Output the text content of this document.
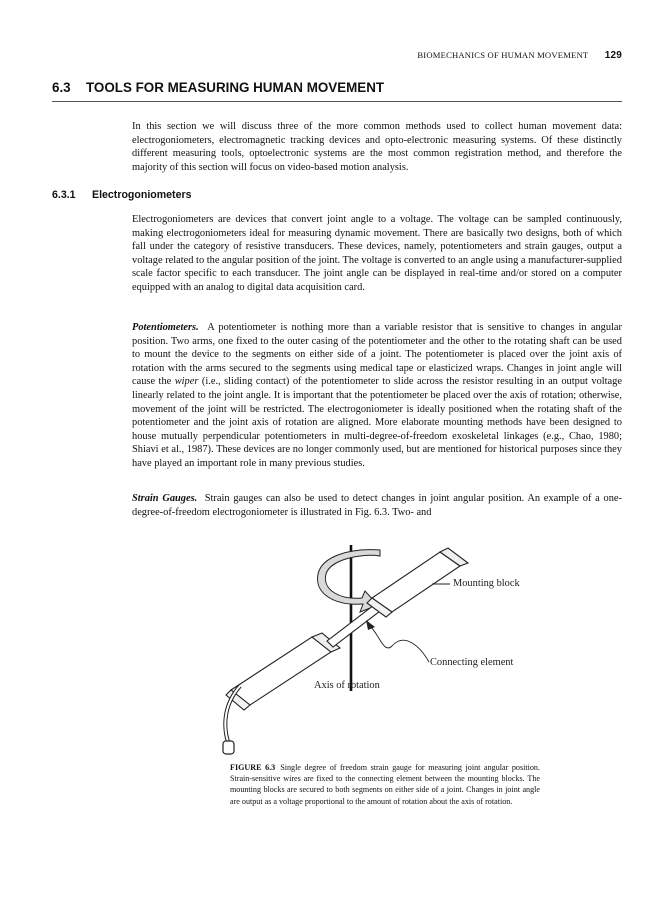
BIOMECHANICS OF HUMAN MOVEMENT 129
6.3 TOOLS FOR MEASURING HUMAN MOVEMENT

In this section we will discuss three of the more common methods used to collect human movement data: electrogoniometers, electromagnetic tracking devices and opto-electronic measuring systems. Of these distinctly different measuring tools, optoelectronic systems are the most common registration method, and therefore the majority of this section will focus on video-based motion analysis.

6.3.1 Electrogoniometers

Electrogoniometers are devices that convert joint angle to a voltage. The voltage can be sampled continuously, making electrogoniometers ideal for measuring dynamic movement. There are basically two designs, both of which fall under the category of resistive transducers. These devices, namely, potentiometers and strain gauges, output a voltage related to the angular position of the joint. The voltage is converted to an angle using a manufacturer-supplied scale factor specific to each transducer. The joint angle can be displayed in real-time and/or stored on a computer equipped with an analog to digital data acquisition card.

Potentiometers. A potentiometer is nothing more than a variable resistor that is sensitive to changes in angular position. Two arms, one fixed to the outer casing of the potentiometer and the other to the rotating shaft can be used to mount the device to the segments on either side of a joint. The potentiometer is placed over the joint axis of rotation with the arms secured to the segments using medical tape or elasticized wraps. Changes in joint angle will cause the wiper (i.e., sliding contact) of the potentiometer to slide across the resistor resulting in an output voltage linearly related to the joint angle. It is important that the potentiometer be placed over the axis of rotation; otherwise, movement of the joint will be restricted. The electrogoniometer is ideally positioned when the rotating shaft of the potentiometer and the joint axis of rotation are aligned. More elaborate mounting methods have been designed to house mutually perpendicular potentiometers in multi-degree-of-freedom exoskeletal linkages (e.g., Chao, 1980; Shiavi et al., 1987). These devices are no longer commonly used, but are mentioned for historical purposes since they have played an important role in many previous studies.

Strain Gauges. Strain gauges can also be used to detect changes in joint angular position. An example of a one-degree-of-freedom electrogoniometer is illustrated in Fig. 6.3. Two- and

Mounting block
Connecting element
Axis of rotation

FIGURE 6.3 Single degree of freedom strain gauge for measuring joint angular position. Strain-sensitive wires are fixed to the connecting element between the mounting blocks. The mounting blocks are secured to both segments on either side of a joint. Changes in joint angle are output as a voltage proportional to the amount of rotation about the axis of rotation.
